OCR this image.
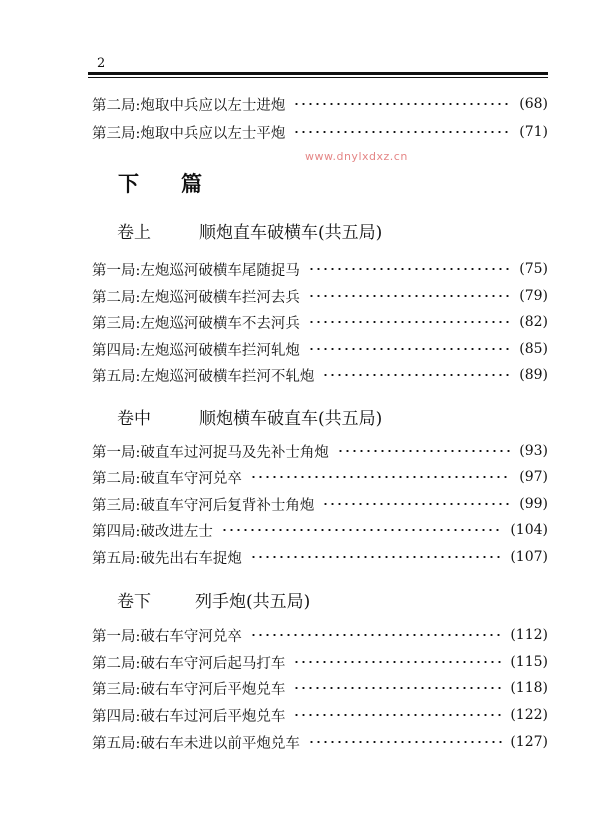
2
www.dnylxdxz.cn
第二局:炮取中兵应以左士进炮	(68)
第三局:炮取中兵应以左士平炮	(71)
下 篇
卷上	顺炮直车破横车(共五局)
第一局:左炮巡河破横车尾随捉马	(75)
第二局:左炮巡河破横车拦河去兵	(79)
第三局:左炮巡河破横车不去河兵	(82)
第四局:左炮巡河破横车拦河轧炮	(85)
第五局:左炮巡河破横车拦河不轧炮	(89)
卷中	顺炮横车破直车(共五局)
第一局:破直车过河捉马及先补士角炮	(93)
第二局:破直车守河兑卒	(97)
第三局:破直车守河后复背补士角炮	(99)
第四局:破改进左士	(104)
第五局:破先出右车捉炮	(107)
卷下	列手炮(共五局)
第一局:破右车守河兑卒	(112)
第二局:破右车守河后起马打车	(115)
第三局:破右车守河后平炮兑车	(118)
第四局:破右车过河后平炮兑车	(122)
第五局:破右车未进以前平炮兑车	(127)
